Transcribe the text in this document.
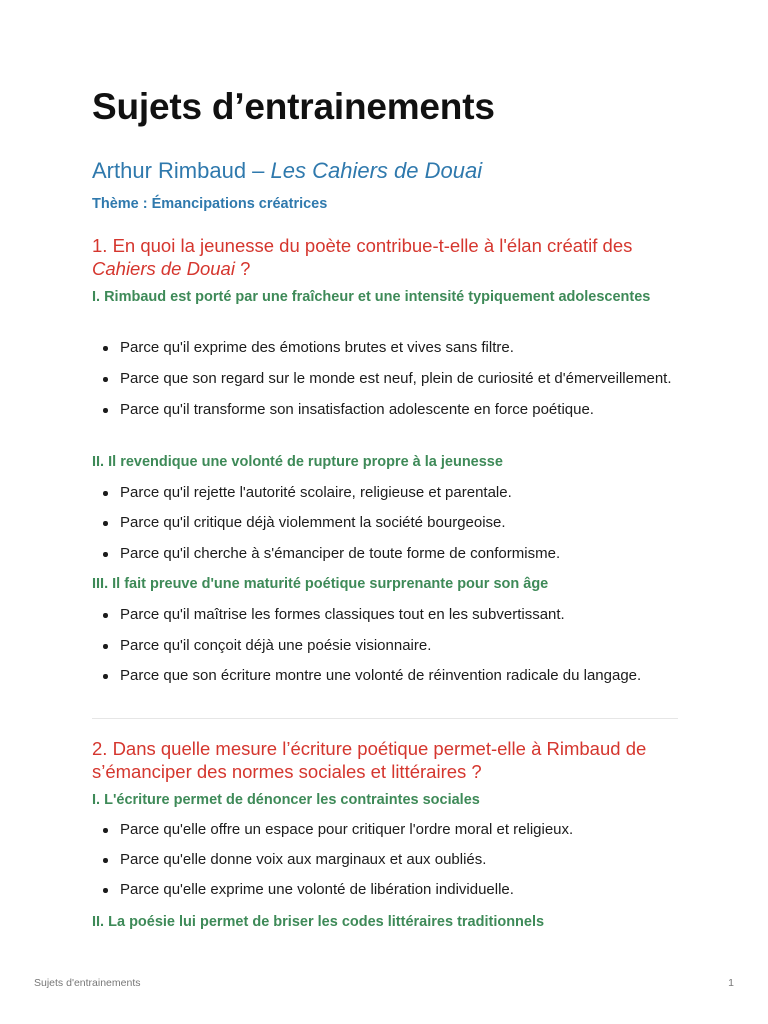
Sujets d’entrainements
Arthur Rimbaud – Les Cahiers de Douai
Thème : Émancipations créatrices
1. En quoi la jeunesse du poète contribue-t-elle à l'élan créatif des Cahiers de Douai ?
I. Rimbaud est porté par une fraîcheur et une intensité typiquement adolescentes
Parce qu'il exprime des émotions brutes et vives sans filtre.
Parce que son regard sur le monde est neuf, plein de curiosité et d'émerveillement.
Parce qu'il transforme son insatisfaction adolescente en force poétique.
II. Il revendique une volonté de rupture propre à la jeunesse
Parce qu'il rejette l'autorité scolaire, religieuse et parentale.
Parce qu'il critique déjà violemment la société bourgeoise.
Parce qu'il cherche à s'émanciper de toute forme de conformisme.
III. Il fait preuve d'une maturité poétique surprenante pour son âge
Parce qu'il maîtrise les formes classiques tout en les subvertissant.
Parce qu'il conçoit déjà une poésie visionnaire.
Parce que son écriture montre une volonté de réinvention radicale du langage.
2. Dans quelle mesure l’écriture poétique permet-elle à Rimbaud de s’émanciper des normes sociales et littéraires ?
I. L'écriture permet de dénoncer les contraintes sociales
Parce qu'elle offre un espace pour critiquer l'ordre moral et religieux.
Parce qu'elle donne voix aux marginaux et aux oubliés.
Parce qu'elle exprime une volonté de libération individuelle.
II. La poésie lui permet de briser les codes littéraires traditionnels
Sujets d'entrainements	1
